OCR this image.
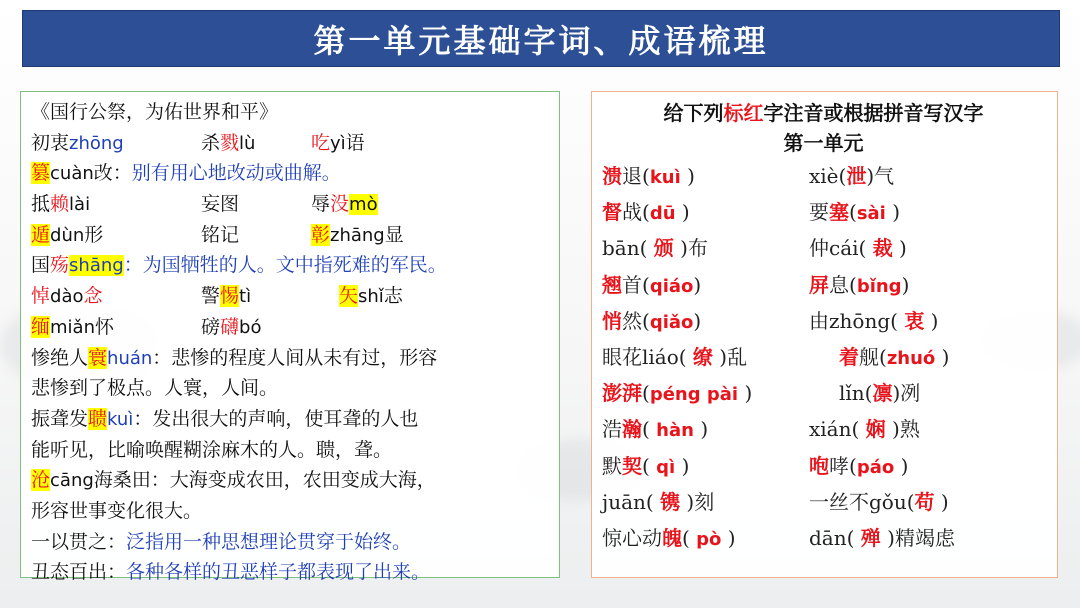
第一单元基础字词、成语梳理
《国行公祭，为佑世界和平》
初衷zhōng	杀戮lù	吃yì语
篡cuàn改：别有用心地改动或曲解。
抵赖lài	妄图	辱没mò
遁dùn形	铭记	彰zhāng显
国殇shāng：为国牺牲的人。文中指死难的军民。
悼dào念	警惕tì	矢shǐ志
缅miǎn怀	磅礴bó
惨绝人寰huán：悲惨的程度人间从未有过，形容
悲惨到了极点。人寰，人间。
振聋发聩kuì：发出很大的声响，使耳聋的人也
能听见，比喻唤醒糊涂麻木的人。聩，聋。
沧cāng海桑田：大海变成农田，农田变成大海，
形容世事变化很大。
一以贯之：泛指用一种思想理论贯穿于始终。
丑态百出：各种各样的丑恶样子都表现了出来。
给下列标红字注音或根据拼音写汉字
第一单元
溃退(kuì )	xiè(泄)气
督战(dū )	要塞(sài )
bān( 颁 )布	仲cái( 裁 )
翘首(qiáo)	屏息(bǐng)
悄然(qiǎo)	由zhōng( 衷 )
眼花liáo( 缭 )乱	着舰(zhuó )
澎湃(péng pài )	lǐn(凛)冽
浩瀚( hàn )	xián( 娴 )熟
默契( qì )	咆哮(páo )
juān( 镌 )刻	一丝不gǒu(苟 )
惊心动魄( pò )	dān( 殚 )精竭虑
